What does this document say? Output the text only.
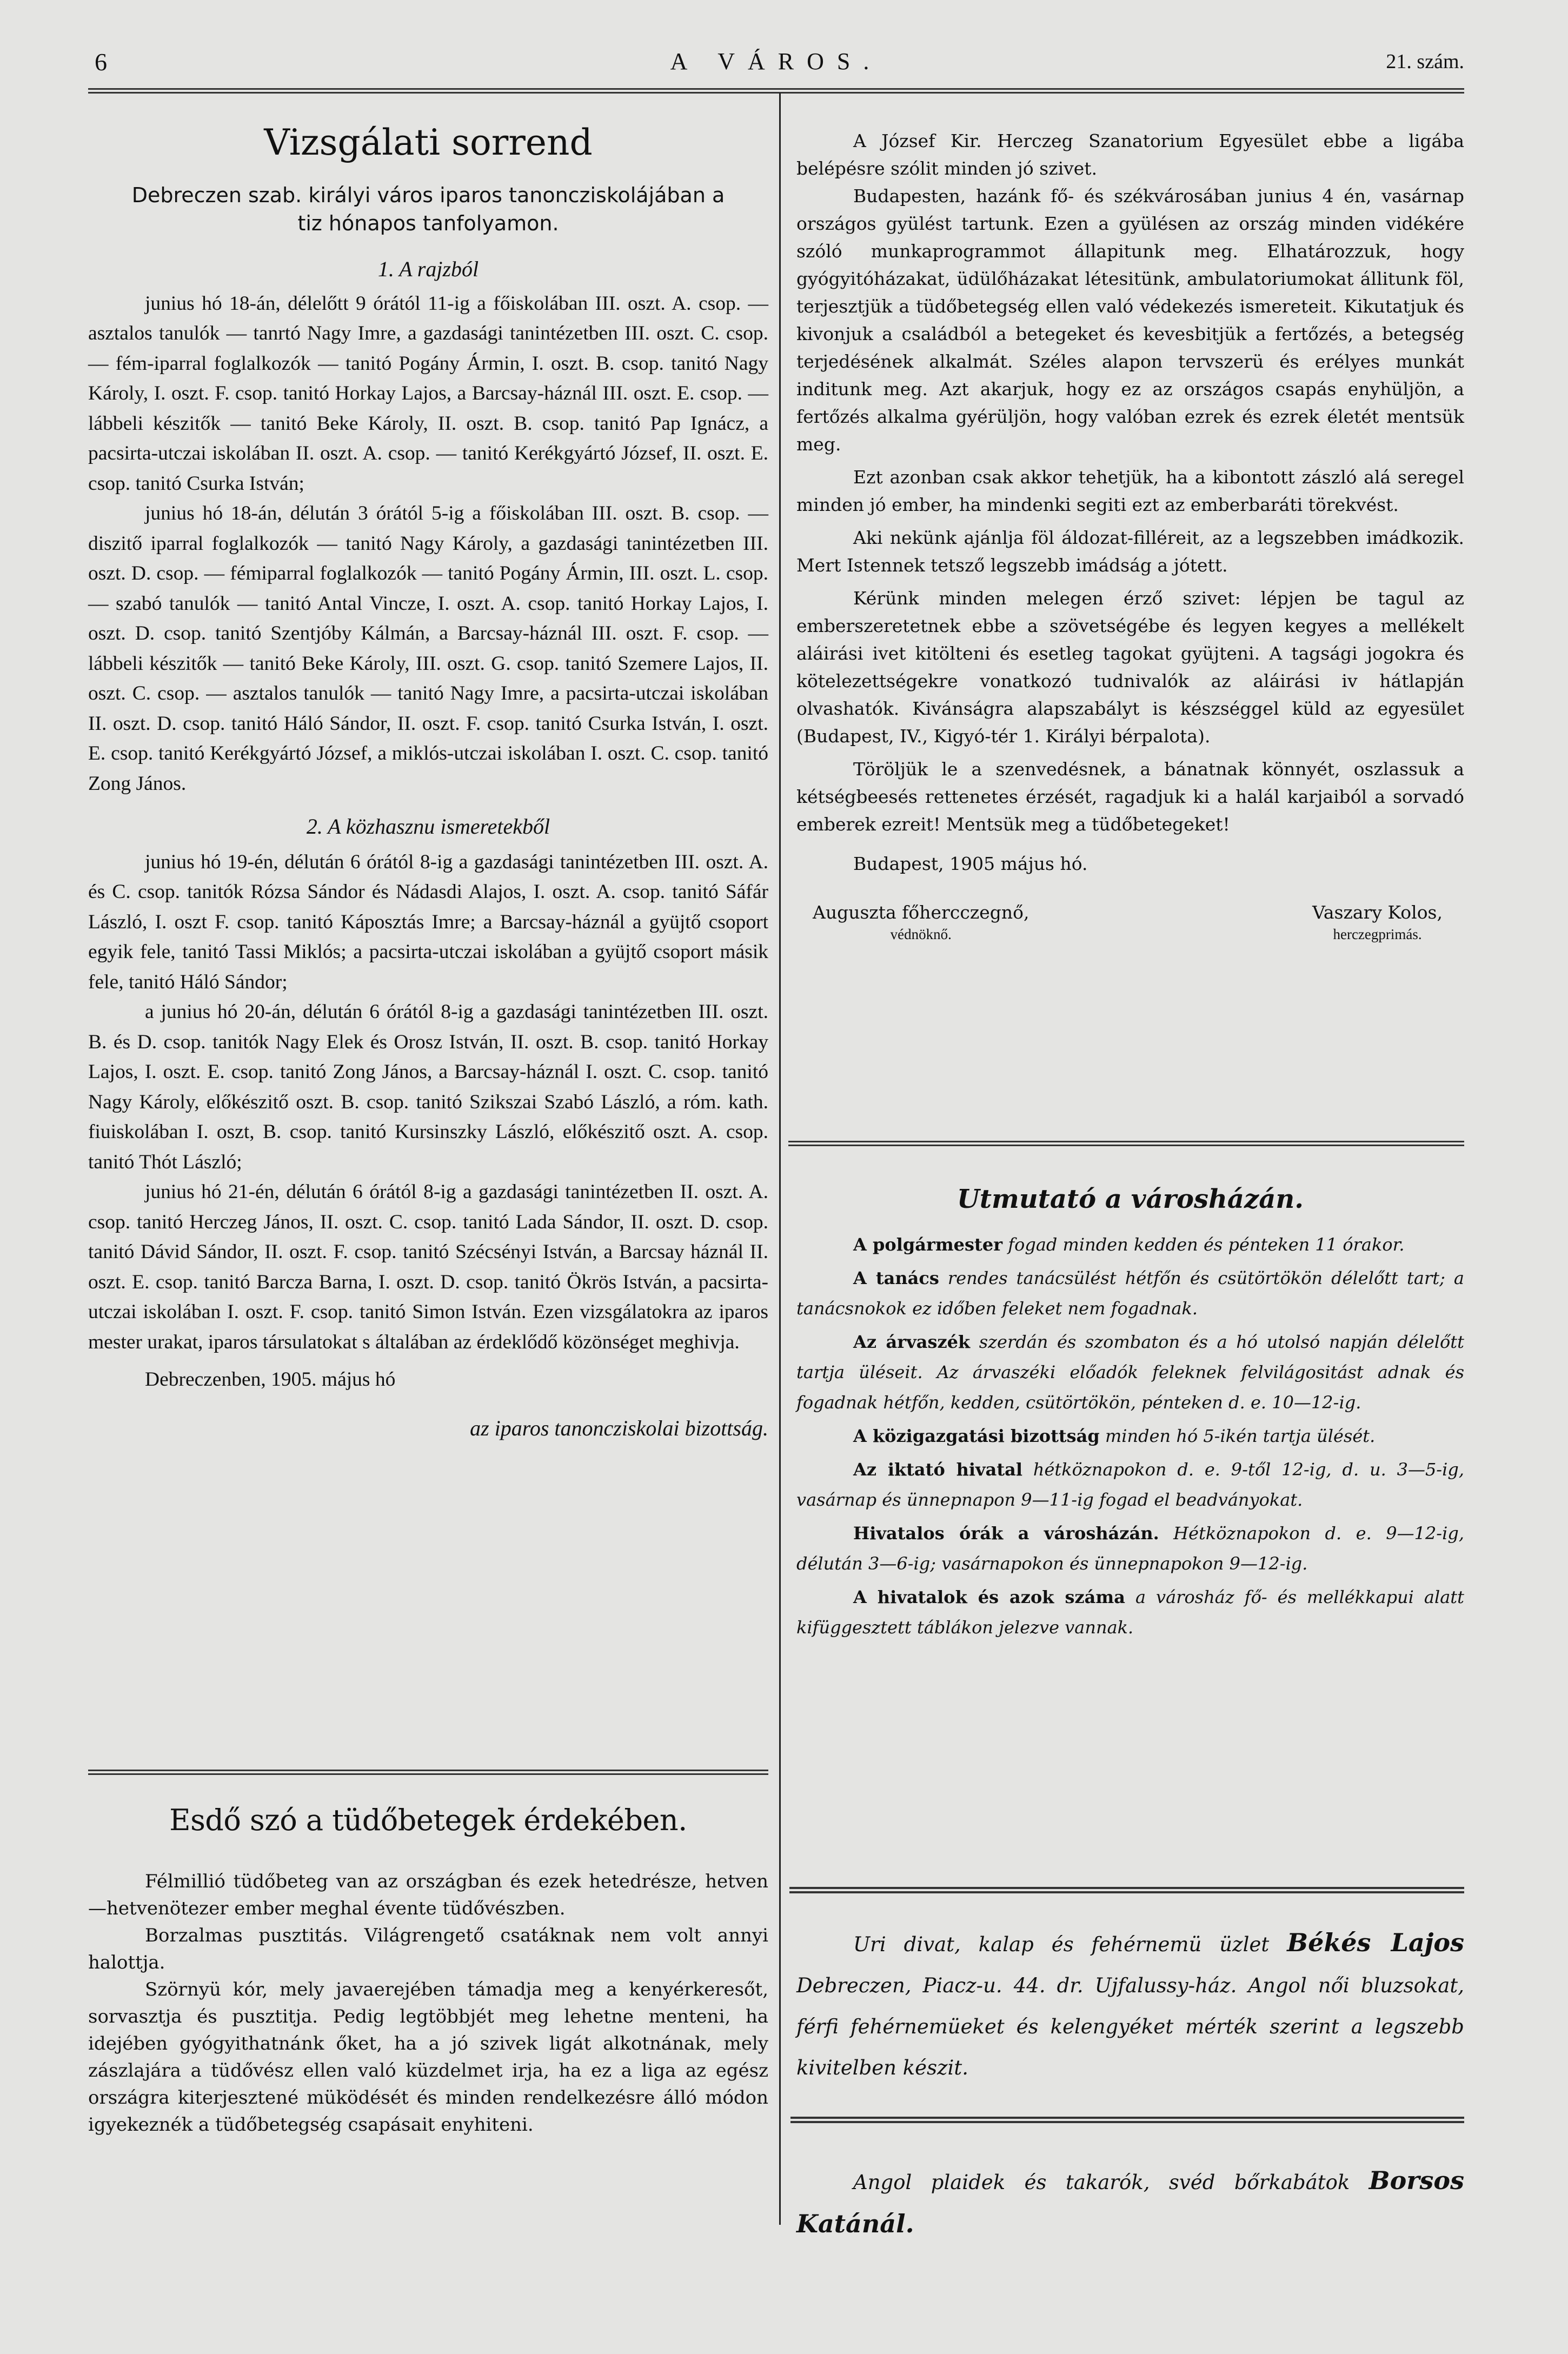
6	A VÁROS.	21. szám.
Vizsgálati sorrend

Debreczen szab. királyi város iparos tanoncziskolájában a tiz hónapos tanfolyamon.

1. A rajzból

junius hó 18-án, délelőtt 9 órától 11-ig a főiskolában III. oszt. A. csop. — asztalos tanulók — tanrtó Nagy Imre, a gazdasági tanintézetben III. oszt. C. csop. — fém-iparral foglalkozók — tanitó Pogány Ármin, I. oszt. B. csop. tanitó Nagy Károly, I. oszt. F. csop. tanitó Horkay Lajos, a Barcsay-háznál III. oszt. E. csop. — lábbeli készitők — tanitó Beke Károly, II. oszt. B. csop. tanitó Pap Ignácz, a pacsirta-utczai iskolában II. oszt. A. csop. — tanitó Kerékgyártó József, II. oszt. E. csop. tanitó Csurka István;

junius hó 18-án, délután 3 órától 5-ig a főiskolában III. oszt. B. csop. — diszitő iparral foglalkozók — tanitó Nagy Károly, a gazdasági tanintézetben III. oszt. D. csop. — fémiparral foglalkozók — tanitó Pogány Ármin, III. oszt. L. csop. — szabó tanulók — tanitó Antal Vincze, I. oszt. A. csop. tanitó Horkay Lajos, I. oszt. D. csop. tanitó Szentjóby Kálmán, a Barcsay-háznál III. oszt. F. csop. — lábbeli készitők — tanitó Beke Károly, III. oszt. G. csop. tanitó Szemere Lajos, II. oszt. C. csop. — asztalos tanulók — tanitó Nagy Imre, a pacsirta-utczai iskolában II. oszt. D. csop. tanitó Háló Sándor, II. oszt. F. csop. tanitó Csurka István, I. oszt. E. csop. tanitó Kerékgyártó József, a miklós-utczai iskolában I. oszt. C. csop. tanitó Zong János.

2. A közhasznu ismeretekből

junius hó 19-én, délután 6 órától 8-ig a gazdasági tanintézetben III. oszt. A. és C. csop. tanitók Rózsa Sándor és Nádasdi Alajos, I. oszt. A. csop. tanitó Sáfár László, I. oszt F. csop. tanitó Káposztás Imre; a Barcsay-háznál a gyüjtő csoport egyik fele, tanitó Tassi Miklós; a pacsirta-utczai iskolában a gyüjtő csoport másik fele, tanitó Háló Sándor;

a junius hó 20-án, délután 6 órától 8-ig a gazdasági tanintézetben III. oszt. B. és D. csop. tanitók Nagy Elek és Orosz István, II. oszt. B. csop. tanitó Horkay Lajos, I. oszt. E. csop. tanitó Zong János, a Barcsay-háznál I. oszt. C. csop. tanitó Nagy Károly, előkészitő oszt. B. csop. tanitó Szikszai Szabó László, a róm. kath. fiuiskolában I. oszt, B. csop. tanitó Kursinszky László, előkészitő oszt. A. csop. tanitó Thót László;

junius hó 21-én, délután 6 órától 8-ig a gazdasági tanintézetben II. oszt. A. csop. tanitó Herczeg János, II. oszt. C. csop. tanitó Lada Sándor, II. oszt. D. csop. tanitó Dávid Sándor, II. oszt. F. csop. tanitó Szécsényi István, a Barcsay háznál II. oszt. E. csop. tanitó Barcza Barna, I. oszt. D. csop. tanitó Ökrös István, a pacsirta-utczai iskolában I. oszt. F. csop. tanitó Simon István. Ezen vizsgálatokra az iparos mester urakat, iparos társulatokat s általában az érdeklődő közönséget meghivja.

Debreczenben, 1905. május hó

az iparos tanoncziskolai bizottság.

Esdő szó a tüdőbetegek érdekében.

Félmillió tüdőbeteg van az országban és ezek hetedrésze, hetven—hetvenötezer ember meghal évente tüdővészben.

Borzalmas pusztitás. Világrengető csatáknak nem volt annyi halottja.

Szörnyü kór, mely javaerejében támadja meg a kenyérkeresőt, sorvasztja és pusztitja. Pedig legtöbbjét meg lehetne menteni, ha idejében gyógyithatnánk őket, ha a jó szivek ligát alkotnának, mely zászlajára a tüdővész ellen való küzdelmet irja, ha ez a liga az egész országra kiterjesztené müködését és minden rendelkezésre álló módon igyekeznék a tüdőbetegség csapásait enyhiteni.

A József Kir. Herczeg Szanatorium Egyesület ebbe a ligába belépésre szólit minden jó szivet.

Budapesten, hazánk fő- és székvárosában junius 4 én, vasárnap országos gyülést tartunk. Ezen a gyülésen az ország minden vidékére szóló munkaprogrammot állapitunk meg. Elhatározzuk, hogy gyógyitóházakat, üdülőházakat létesitünk, ambulatoriumokat állitunk föl, terjesztjük a tüdőbetegség ellen való védekezés ismereteit. Kikutatjuk és kivonjuk a családból a betegeket és kevesbitjük a fertőzés, a betegség terjedésének alkalmát. Széles alapon tervszerü és erélyes munkát inditunk meg. Azt akarjuk, hogy ez az országos csapás enyhüljön, a fertőzés alkalma gyérüljön, hogy valóban ezrek és ezrek életét mentsük meg.

Ezt azonban csak akkor tehetjük, ha a kibontott zászló alá seregel minden jó ember, ha mindenki segiti ezt az emberbaráti törekvést.

Aki nekünk ajánlja föl áldozat-filléreit, az a legszebben imádkozik. Mert Istennek tetsző legszebb imádság a jótett.

Kérünk minden melegen érző szivet: lépjen be tagul az emberszeretetnek ebbe a szövetségébe és legyen kegyes a mellékelt aláirási ivet kitölteni és esetleg tagokat gyüjteni. A tagsági jogokra és kötelezettségekre vonatkozó tudnivalók az aláirási iv hátlapján olvashatók. Kivánságra alapszabályt is készséggel küld az egyesület (Budapest, IV., Kigyó-tér 1. Királyi bérpalota).

Töröljük le a szenvedésnek, a bánatnak könnyét, oszlassuk a kétségbeesés rettenetes érzését, ragadjuk ki a halál karjaiból a sorvadó emberek ezreit! Mentsük meg a tüdőbetegeket!

Budapest, 1905 május hó.

Auguszta főhercczegnő,
védnöknő.
Vaszary Kolos,
herczegprimás.
Utmutató a városházán.

A polgármester fogad minden kedden és pénteken 11 órakor.

A tanács rendes tanácsülést hétfőn és csütörtökön délelőtt tart; a tanácsnokok ez időben feleket nem fogadnak.

Az árvaszék szerdán és szombaton és a hó utolsó napján délelőtt tartja üléseit. Az árvaszéki előadók feleknek felvilágositást adnak és fogadnak hétfőn, kedden, csütörtökön, pénteken d. e. 10—12-ig.

A közigazgatási bizottság minden hó 5-ikén tartja ülését.

Az iktató hivatal hétköznapokon d. e. 9-től 12-ig, d. u. 3—5-ig, vasárnap és ünnepnapon 9—11-ig fogad el beadványokat.

Hivatalos órák a városházán. Hétköznapokon d. e. 9—12-ig, délután 3—6-ig; vasárnapokon és ünnepnapokon 9—12-ig.

A hivatalok és azok száma a városház fő- és mellékkapui alatt kifüggesztett táblákon jelezve vannak.

Uri divat, kalap és fehérnemü üzlet Békés Lajos Debreczen, Piacz-u. 44. dr. Ujfalussy-ház. Angol női bluzsokat, férfi fehérnemüeket és kelengyéket mérték szerint a legszebb kivitelben készit.

Angol plaidek és takarók, svéd bőrkabátok Borsos Katánál.
